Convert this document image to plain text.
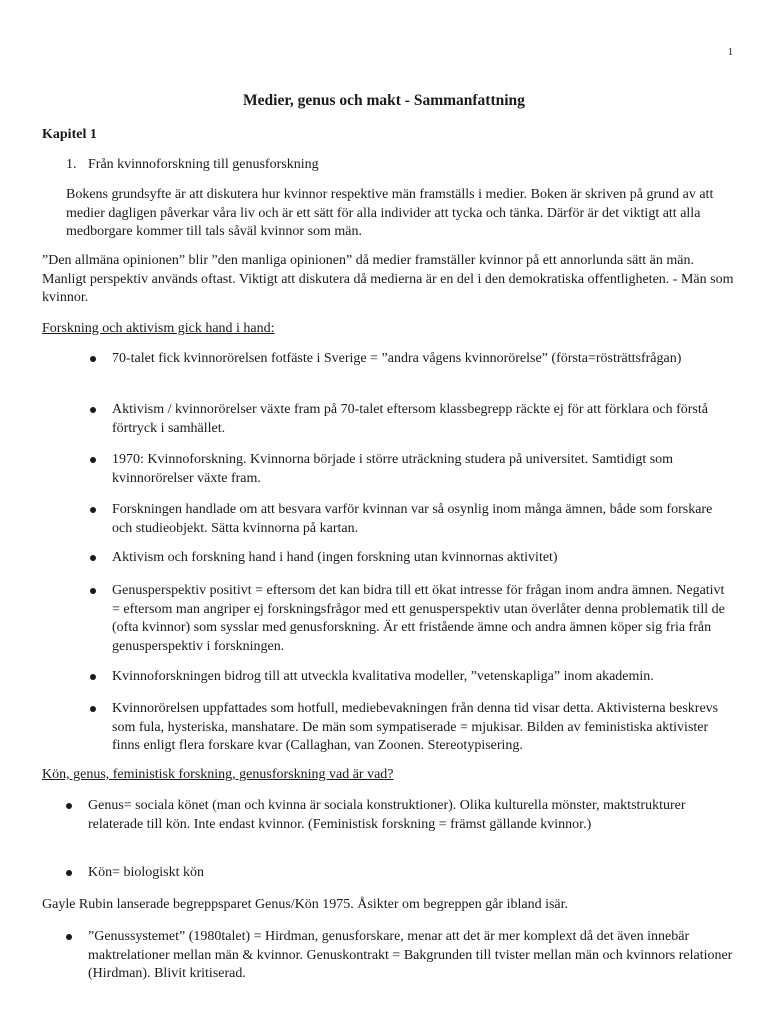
1
Medier, genus och makt - Sammanfattning
Kapitel 1
1. Från kvinnoforskning till genusforskning
Bokens grundsyfte är att diskutera hur kvinnor respektive män framställs i medier. Boken är skriven på grund av att medier dagligen påverkar våra liv och är ett sätt för alla individer att tycka och tänka. Därför är det viktigt att alla medborgare kommer till tals såväl kvinnor som män.
”Den allmäna opinionen” blir ”den manliga opinionen” då medier framställer kvinnor på ett annorlunda sätt än män. Manligt perspektiv används oftast. Viktigt att diskutera då medierna är en del i den demokratiska offentligheten. - Män som kvinnor.
Forskning och aktivism gick hand i hand:
70-talet fick kvinnorörelsen fotfäste i Sverige = ”andra vågens kvinnorörelse” (första=rösträttsfrågan)
Aktivism / kvinnorörelser växte fram på 70-talet eftersom klassbegrepp räckte ej för att förklara och förstå förtryck i samhället.
1970: Kvinnoforskning. Kvinnorna började i större uträckning studera på universitet. Samtidigt som kvinnorörelser växte fram.
Forskningen handlade om att besvara varför kvinnan var så osynlig inom många ämnen, både som forskare och studieobjekt. Sätta kvinnorna på kartan.
Aktivism och forskning hand i hand (ingen forskning utan kvinnornas aktivitet)
Genusperspektiv positivt = eftersom det kan bidra till ett ökat intresse för frågan inom andra ämnen. Negativt = eftersom man angriper ej forskningsfrågor med ett genusperspektiv utan överlåter denna problematik till de (ofta kvinnor) som sysslar med genusforskning. Är ett fristående ämne och andra ämnen köper sig fria från genusperspektiv i forskningen.
Kvinnoforskningen bidrog till att utveckla kvalitativa modeller, ”vetenskapliga” inom akademin.
Kvinnorörelsen uppfattades som hotfull, mediebevakningen från denna tid visar detta. Aktivisterna beskrevs som fula, hysteriska, manshatare. De män som sympatiserade = mjukisar. Bilden av feministiska aktivister finns enligt flera forskare kvar (Callaghan, van Zoonen. Stereotypisering.
Kön, genus, feministisk forskning, genusforskning vad är vad?
Genus= sociala könet (man och kvinna är sociala konstruktioner). Olika kulturella mönster, maktstrukturer relaterade till kön. Inte endast kvinnor. (Feministisk forskning = främst gällande kvinnor.)
Kön= biologiskt kön
Gayle Rubin lanserade begreppsparet Genus/Kön 1975. Åsikter om begreppen går ibland isär.
”Genussystemet” (1980talet) = Hirdman, genusforskare, menar att det är mer komplext då det även innebär maktrelationer mellan män & kvinnor. Genuskontrakt = Bakgrunden till tvister mellan män och kvinnors relationer (Hirdman). Blivit kritiserad.
